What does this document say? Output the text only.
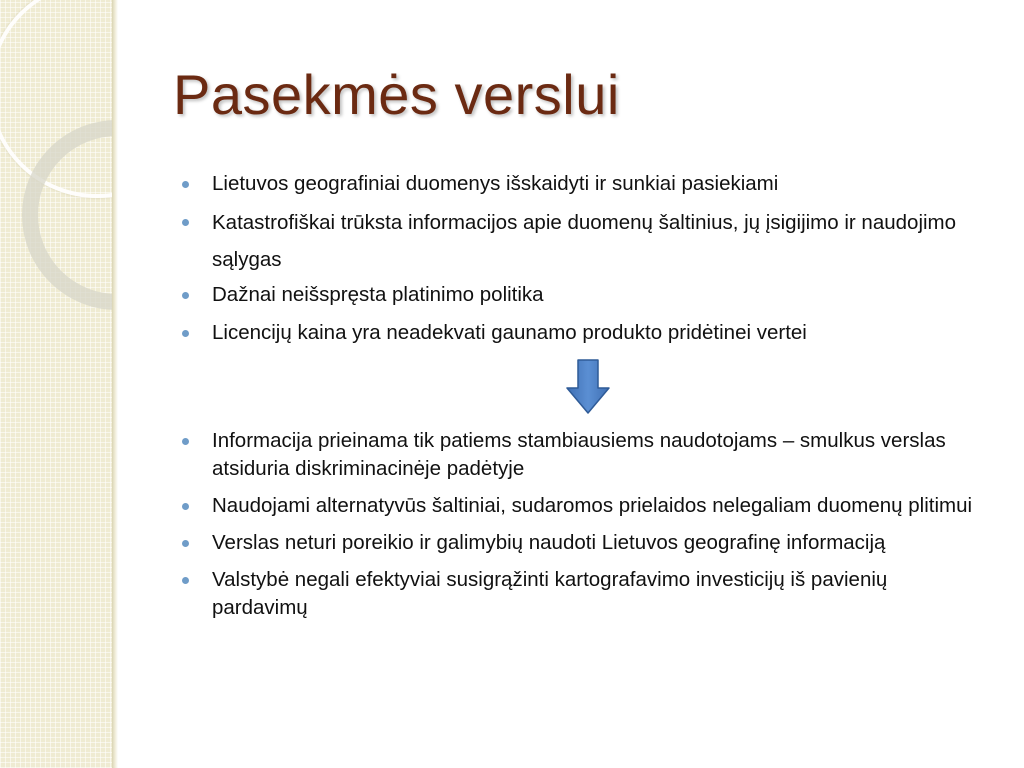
Pasekmės verslui
Lietuvos geografiniai duomenys išskaidyti ir sunkiai pasiekiami
Katastrofiškai trūksta informacijos apie duomenų šaltinius, jų įsigijimo ir naudojimo sąlygas
Dažnai neišspręsta platinimo politika
Licencijų kaina yra neadekvati gaunamo produkto pridėtinei vertei
Informacija prieinama tik patiems stambiausiems naudotojams – smulkus verslas atsiduria diskriminacinėje padėtyje
Naudojami alternatyvūs šaltiniai, sudaromos prielaidos nelegaliam duomenų plitimui
Verslas neturi poreikio ir galimybių naudoti Lietuvos geografinę informaciją
Valstybė negali efektyviai susigrąžinti kartografavimo investicijų iš pavienių pardavimų
